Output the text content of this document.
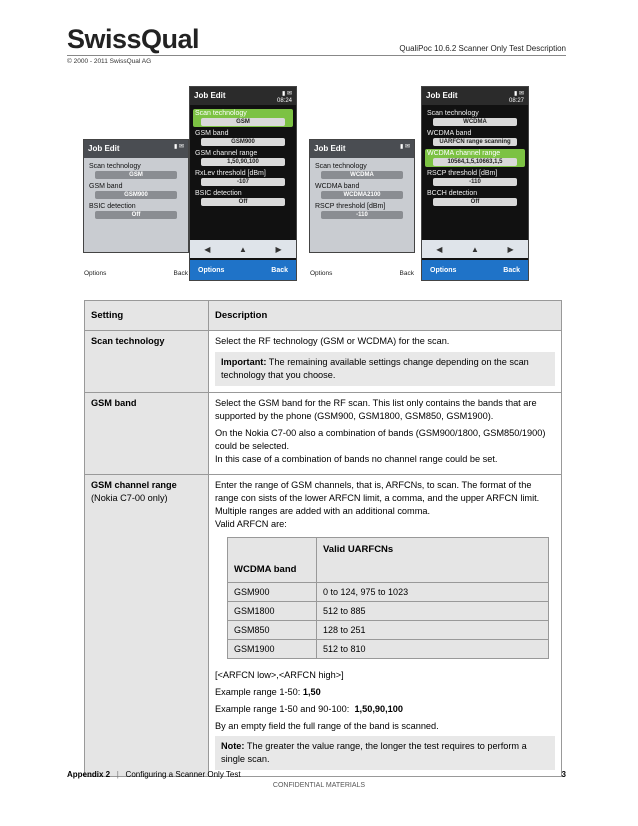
SwissQual	QualiPoc 10.6.2 Scanner Only Test Description
© 2000 - 2011 SwissQual AG
Job Edit	▮ ✉
Scan technology
GSM
GSM band
GSM900
BSIC detection
Off
Options	Back
Job Edit	▮ ✉
08:24
Scan technology
GSM
GSM band
GSM900
GSM channel range
1,50,90,100
RxLev threshold [dBm]
-107
BSIC detection
Off
◀	▲	▶
Options	Back
Job Edit	▮ ✉
Scan technology
WCDMA
WCDMA band
WCDMA2100
RSCP threshold [dBm]
-110
Options	Back
Job Edit	▮ ✉
08:27
Scan technology
WCDMA
WCDMA band
UARFCN range scanning
WCDMA channel range
10564,1,5,10663,1,5
RSCP threshold [dBm]
-110
BCCH detection
Off
◀	▲	▶
Options	Back
Setting	Description
Scan technology	Select the RF technology (GSM or WCDMA) for the scan.
Important: The remaining available settings change depending on the scan technology that you choose.

GSM band	Select the GSM band for the RF scan. This list only contains the bands that are supported by the phone (GSM900, GSM1800, GSM850, GSM1900).
On the Nokia C7-00 also a combination of bands (GSM900/1800, GSM850/1900) could be selected.
In this case of a combination of bands no channel range could be set.

GSM channel range
(Nokia C7-00 only)

Enter the range of GSM channels, that is, ARFCNs, to scan. The format of the range con sists of the lower ARFCN limit, a comma, and the upper ARFCN limit. Multiple ranges are added with an additional comma.
Valid ARFCN are:
WCDMA band	Valid UARFCNs
GSM900	0 to 124, 975 to 1023
GSM1800	512 to 885
GSM850	128 to 251
GSM1900	512 to 810
[<ARFCN low>,<ARFCN high>]
Example range 1-50: 1,50
Example range 1-50 and 90-100:  1,50,90,100
By an empty field the full range of the band is scanned.
Note: The greater the value range, the longer the test requires to perform a single scan.
Appendix 2 | Configuring a Scanner Only Test	3
CONFIDENTIAL MATERIALS
